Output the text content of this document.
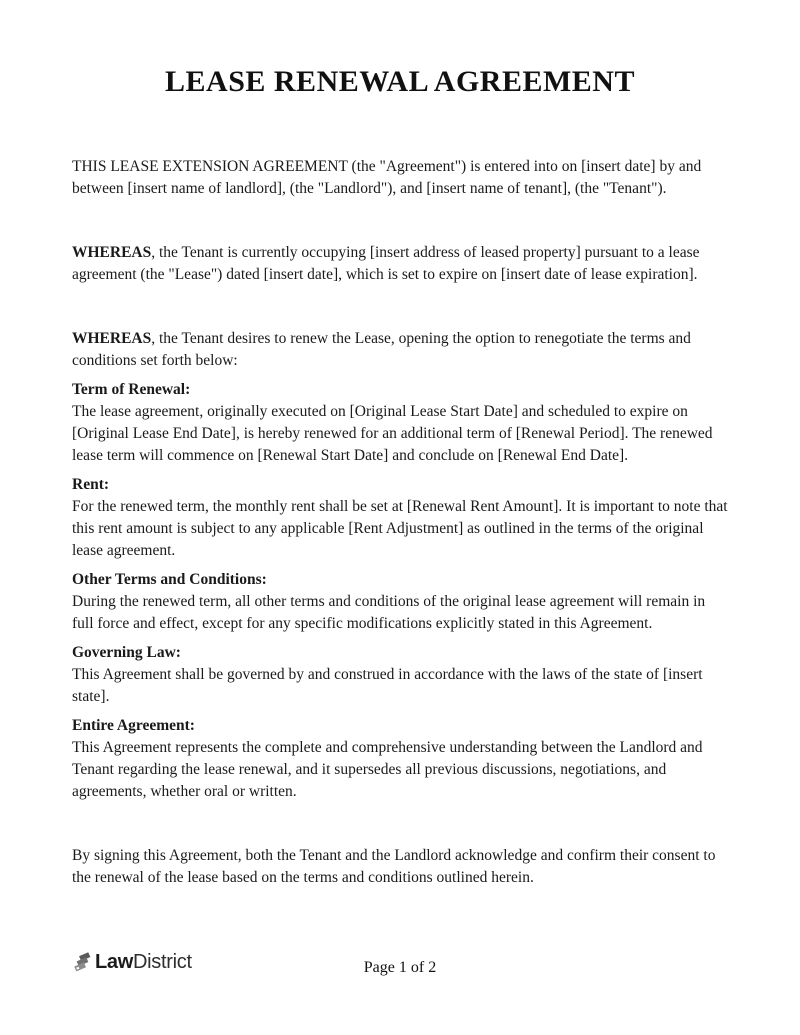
LEASE RENEWAL AGREEMENT

THIS LEASE EXTENSION AGREEMENT (the "Agreement") is entered into on [insert date] by and between [insert name of landlord], (the "Landlord"), and [insert name of tenant], (the "Tenant").

WHEREAS, the Tenant is currently occupying [insert address of leased property] pursuant to a lease agreement (the "Lease") dated [insert date], which is set to expire on [insert date of lease expiration].

WHEREAS, the Tenant desires to renew the Lease, opening the option to renegotiate the terms and conditions set forth below:

Term of Renewal:
The lease agreement, originally executed on [Original Lease Start Date] and scheduled to expire on [Original Lease End Date], is hereby renewed for an additional term of [Renewal Period]. The renewed lease term will commence on [Renewal Start Date] and conclude on [Renewal End Date].
Rent:
For the renewed term, the monthly rent shall be set at [Renewal Rent Amount]. It is important to note that this rent amount is subject to any applicable [Rent Adjustment] as outlined in the terms of the original lease agreement.
Other Terms and Conditions:
During the renewed term, all other terms and conditions of the original lease agreement will remain in full force and effect, except for any specific modifications explicitly stated in this Agreement.
Governing Law:
This Agreement shall be governed by and construed in accordance with the laws of the state of [insert state].
Entire Agreement:
This Agreement represents the complete and comprehensive understanding between the Landlord and Tenant regarding the lease renewal, and it supersedes all previous discussions, negotiations, and agreements, whether oral or written.

By signing this Agreement, both the Tenant and the Landlord acknowledge and confirm their consent to the renewal of the lease based on the terms and conditions outlined herein.

LawDistrict	Page 1 of 2
